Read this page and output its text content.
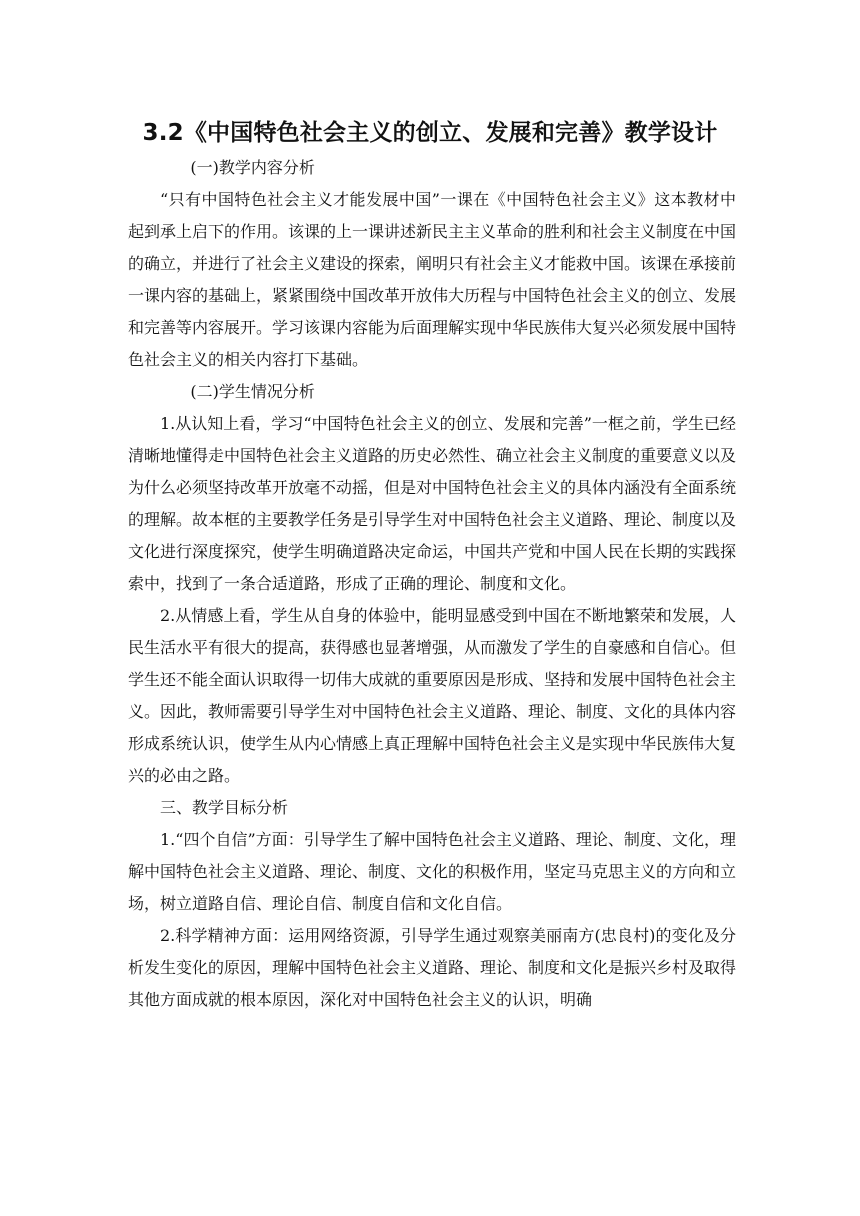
3.2《中国特色社会主义的创立、发展和完善》教学设计

(一)教学内容分析

“只有中国特色社会主义才能发展中国”一课在《中国特色社会主义》这本教材中起到承上启下的作用。该课的上一课讲述新民主主义革命的胜利和社会主义制度在中国的确立，并进行了社会主义建设的探索，阐明只有社会主义才能救中国。该课在承接前一课内容的基础上，紧紧围绕中国改革开放伟大历程与中国特色社会主义的创立、发展和完善等内容展开。学习该课内容能为后面理解实现中华民族伟大复兴必须发展中国特色社会主义的相关内容打下基础。

(二)学生情况分析

1.从认知上看，学习“中国特色社会主义的创立、发展和完善”一框之前，学生已经清晰地懂得走中国特色社会主义道路的历史必然性、确立社会主义制度的重要意义以及为什么必须坚持改革开放毫不动摇，但是对中国特色社会主义的具体内涵没有全面系统的理解。故本框的主要教学任务是引导学生对中国特色社会主义道路、理论、制度以及文化进行深度探究，使学生明确道路决定命运，中国共产党和中国人民在长期的实践探索中，找到了一条合适道路，形成了正确的理论、制度和文化。

2.从情感上看，学生从自身的体验中，能明显感受到中国在不断地繁荣和发展，人民生活水平有很大的提高，获得感也显著增强，从而激发了学生的自豪感和自信心。但学生还不能全面认识取得一切伟大成就的重要原因是形成、坚持和发展中国特色社会主义。因此，教师需要引导学生对中国特色社会主义道路、理论、制度、文化的具体内容形成系统认识，使学生从内心情感上真正理解中国特色社会主义是实现中华民族伟大复兴的必由之路。

三、教学目标分析

1.“四个自信”方面：引导学生了解中国特色社会主义道路、理论、制度、文化，理解中国特色社会主义道路、理论、制度、文化的积极作用，坚定马克思主义的方向和立场，树立道路自信、理论自信、制度自信和文化自信。

2.科学精神方面：运用网络资源，引导学生通过观察美丽南方(忠良村)的变化及分析发生变化的原因，理解中国特色社会主义道路、理论、制度和文化是振兴乡村及取得其他方面成就的根本原因，深化对中国特色社会主义的认识，明确
